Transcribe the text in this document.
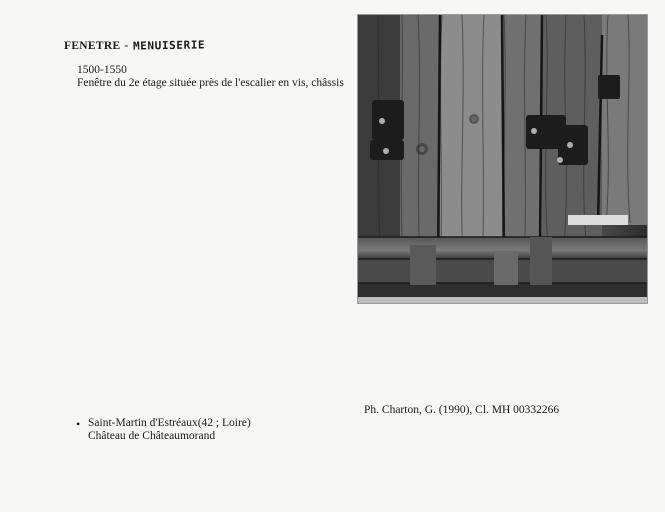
FENETRE - MENUISERIE
1500-1550
Fenêtre du 2e étage située près de l'escalier en vis, châssis
Ph. Charton, G. (1990), Cl. MH 00332266
• Saint-Martin d'Estréaux(42 ; Loire)
Château de Châteaumorand
